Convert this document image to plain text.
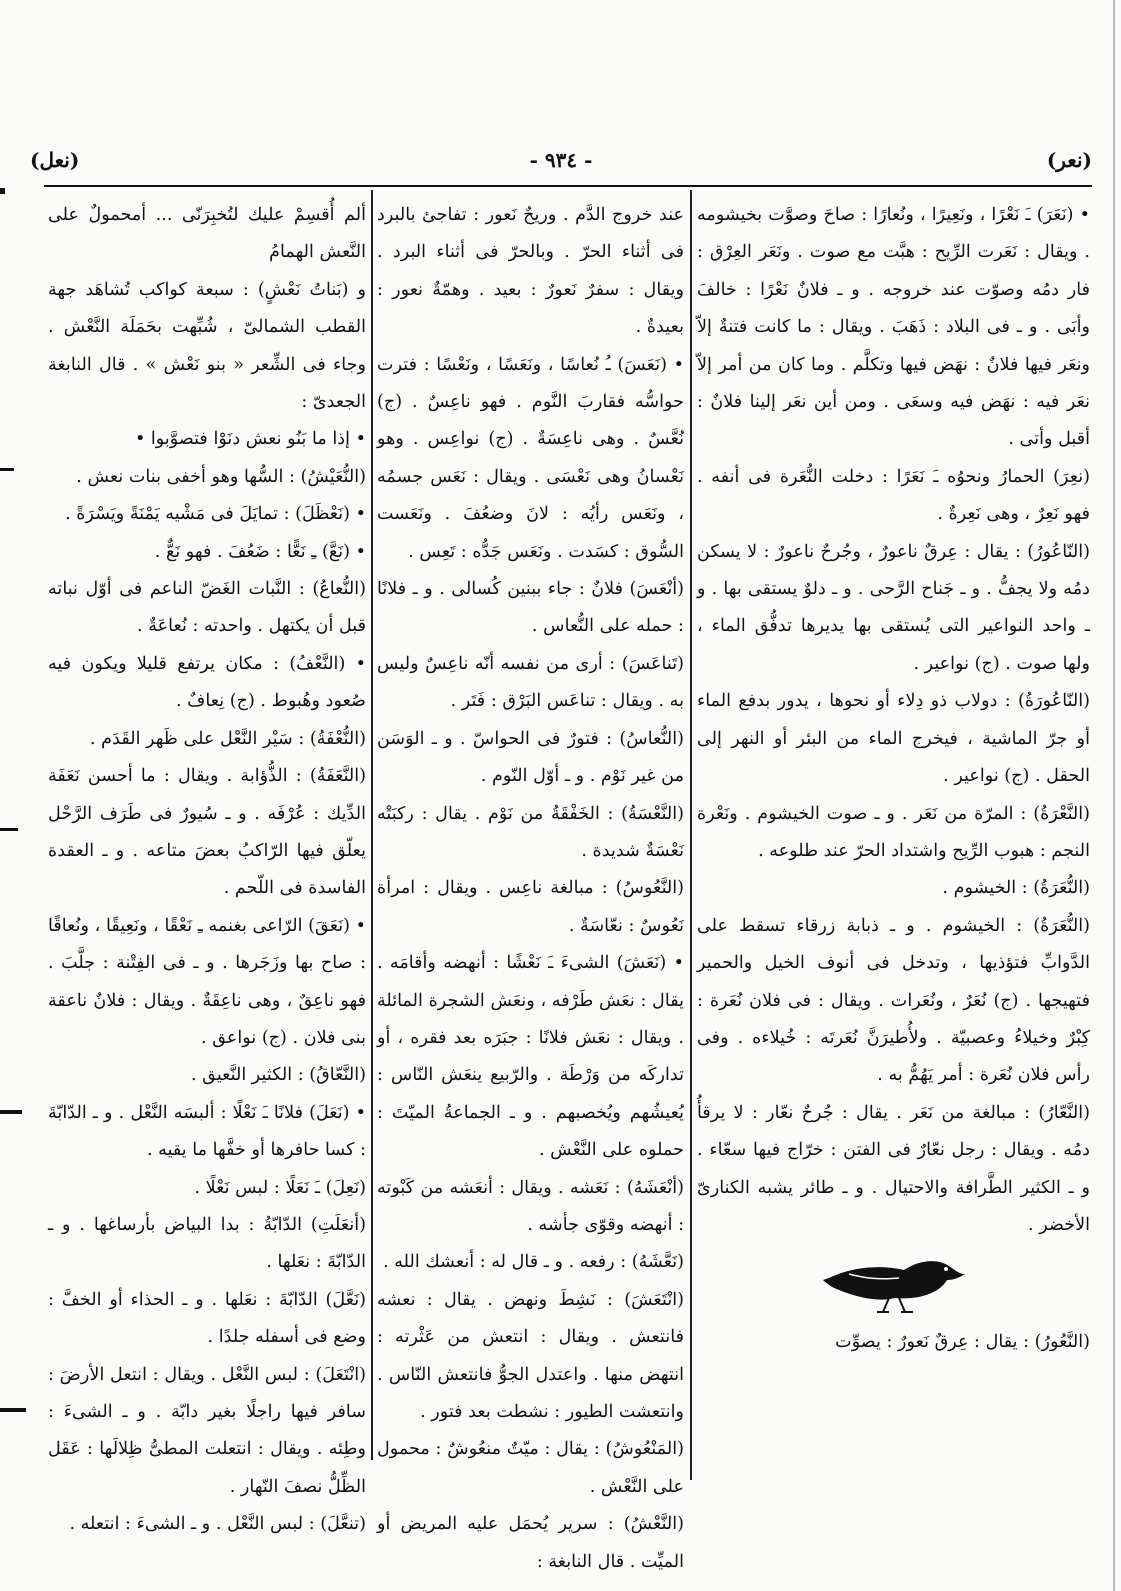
(نعر)
- ٩٣٤ -
(نعل)

• (نَعَرَ) ـَ نَعْرًا ، ونَعِيرًا ، ونُعارًا : صاحَ وصوَّت بخيشومه . ويقال : نَعَرت الرِّيح : هبَّت مع صوت . ونَعَر العِرْق : فار دمُه وصوّت عند خروجه . و ـ فلانٌ نَعْرًا : خالفَ وأبَى . و ـ فى البلاد : ذَهَبَ . ويقال : ما كانت فتنةٌ إلاّ ونعَر فيها فلانٌ : نهَض فيها وتكلَّم . وما كان من أمر إلاّ نعَر فيه : نهَض فيه وسعَى . ومن أين نعَر إلينا فلانٌ : أقبل وأتى .

(نعِرَ) الحمارُ ونحوُه ـَ نَعَرًا : دخلت النُّعَرة فى أنفه . فهو نَعِرٌ ، وهى نَعِرةٌ .

(النّاعُورُ) : يقال : عِرقٌ ناعورٌ ، وجُرحٌ ناعورٌ : لا يسكن دمُه ولا يجفُّ . و ـ جَناح الرَّحى . و ـ دلوٌ يستقى بها . و ـ واحد النواعير التى يُستقى بها يديرها تدفُّق الماء ، ولها صوت . (ج) نواعير .

(النّاعُورَةُ) : دولاب ذو دِلاء أو نحوها ، يدور بدفع الماء أو جرّ الماشية ، فيخرج الماء من البئر أو النهر إلى الحقل . (ج) نواعير .

(النَّعْرَةُ) : المرّة من نَعَر . و ـ صوت الخيشوم . ونَعْرة النجم : هبوب الرِّيح واشتداد الحرّ عند طلوعه .

(النُّعَرَةُ) : الخيشوم .

(النُّعَرَةُ) : الخيشوم . و ـ ذبابة زرقاء تسقط على الدَّوابِّ فتؤذيها ، وتدخل فى أنوف الخيل والحمير فتهيجها . (ج) نُعَرٌ ، ونُعَرات . ويقال : فى فلان نُعَرة : كِبْرٌ وخيلاءُ وعصبيّة . ولأُطيرَنَّ نُعَرتَه : خُيلاءه . وفى رأس فلان نُعَرة : أمر يَهُمُّ به .

(النَّعّارُ) : مبالغة من نَعَر . يقال : جُرحٌ نعّار : لا يرقأُ دمُه . ويقال : رجل نعّارٌ فى الفتن : خرّاج فيها سعّاء . و ـ الكثير الطَّرافة والاحتيال . و ـ طائر يشبه الكنارىّ الأخضر .

(النَّعُورُ) : يقال : عِرقٌ نَعورٌ : يصوِّت

عند خروج الدَّم . وريحٌ نَعور : تفاجئ بالبرد فى أثناء الحرّ . وبالحرّ فى أثناء البرد . ويقال : سفرٌ نَعورٌ : بعيد . وهمّةٌ نعور : بعيدةٌ .

• (نَعَسَ) ـُ نُعاسًا ، ونَعَسًا ، ونَعْسًا : فترت حواسُّه فقاربَ النَّوم . فهو ناعِسٌ . (ج) نُعَّسٌ . وهى ناعِسَةٌ . (ج) نواعِس . وهو نَعْسانُ وهى نَعْسَى . ويقال : نَعَس جسمُه ، ونَعَس رأيُه : لانَ وضعُفَ . ونَعَست السُّوق : كسَدت . ونَعَس جَدُّه : تَعِس .

(أنْعَسَ) فلانٌ : جاء ببنين كُسالى . و ـ فلانًا : حمله على النُّعاس .

(تَناعَسَ) : أرى من نفسه أنّه ناعِسٌ وليس به . ويقال : تناعَس البَرْق : فَتَر .

(النُّعاسُ) : فتورٌ فى الحواسّ . و ـ الوَسَن من غير نَوْم . و ـ أوّل النّوم .

(النَّعْسَةُ) : الخَفْقَةُ من نَوْم . يقال : ركبَتْه نَعْسَةٌ شديدة .

(النَّعُوسُ) : مبالغة ناعِس . ويقال : امرأة نَعُوسٌ : نعّاسَةٌ .

• (نَعَشَ) الشىءَ ـَ نَعْشًا : أنهضه وأقامَه . يقال : نعَش طَرْفه ، ونعَش الشجرة المائلة . ويقال : نعَش فلانًا : جبَرَه بعد فقره ، أو تداركَه من وَرْطَة . والرّبيع ينعَش النّاس : يُعيشُهم ويُخصبهم . و ـ الجماعةُ الميّتَ : حملوه على النَّعْش .

(أنْعَشَهُ) : نَعَشه . ويقال : أنعَشه من كَبْوته : أنهضه وقوّى جأشه .

(نَعَّشَهُ) : رفعه . و ـ قال له : أنعشك الله .

(انْتَعَشَ) : نَشِطَ ونهض . يقال : نعشه فانتعش . ويقال : انتعش من عَثْرته : انتهض منها . واعتدل الجوُّ فانتعش النّاس . وانتعشت الطيور : نشطت بعد فتور .

(المَنْعُوشُ) : يقال : ميّتٌ منعُوشٌ : محمول على النَّعْش .

(النَّعْشُ) : سرير يُحمَل عليه المريض أو الميِّت . قال النابغة :

ألم أُقسِمْ عليك لتُخبِرَنّى ... أمحمولٌ على النَّعش الهمامُ

و (بَناتُ نَعْشٍ) : سبعة كواكب تُشاهَد جهة القطب الشمالىّ ، شُبِّهت بحَمَلَة النَّعْش . وجاء فى الشِّعر « بنو نَعْش » . قال النابغة الجعدىّ :

• إذا ما بَنُو نعش دنَوْا فتصوَّبوا •

(النُّعَيْشُ) : السُّها وهو أخفى بنات نعش .

• (نَعْظَلَ) : تمايَلَ فى مَشْيه يَمْنَةً ويَسْرَةً .

• (نَعَّ) ـِ نَعًّا : ضَعُفَ . فهو نَعٌّ .

(النُّعاعُ) : النَّبات الغَضّ الناعم فى أوّل نباته قبل أن يكتهل . واحدته : نُعاعَةٌ .

• (النَّعْفُ) : مكان يرتفع قليلا ويكون فيه صُعود وهُبوط . (ج) نِعافٌ .

(النُّعْفَةُ) : سَيْر النَّعْل على ظَهر القَدَم .

(النَّعَفَةُ) : الذُّؤابة . ويقال : ما أحسن نَعَفَة الدِّيك : عُرْفَه . و ـ سُيورٌ فى طَرَف الرَّحْل يعلّق فيها الرّاكبُ بعضَ متاعه . و ـ العقدة الفاسدة فى اللّحم .

• (نَعَقَ) الرّاعى بغنمه ـِ نَعْقًا ، ونَعِيقًا ، ونُعاقًا : صاح بها وزَجَرها . و ـ فى الفِتْنة : جلَّبَ . فهو ناعِقٌ ، وهى ناعِقَةٌ . ويقال : فلانٌ ناعقة بنى فلان . (ج) نواعق .

(النَّعّاقُ) : الكثير النَّعيق .

• (نَعَلَ) فلانًا ـَ نَعْلًا : ألبسَه النَّعْل . و ـ الدّابّةَ : كسا حافرها أو خفَّها ما يقيه .

(نَعِلَ) ـَ نَعَلًا : لبس نَعْلًا .

(أنعَلَتِ) الدّابّةُ : بدا البياض بأرساغها . و ـ الدّابّةَ : نعَلها .

(نَعَّلَ) الدّابّةَ : نعَلها . و ـ الحذاء أو الخفَّ : وضع فى أسفله جلدًا .

(انْتَعَلَ) : لبس النَّعْل . ويقال : انتعل الأرضَ : سافر فيها راجلًا بغير دابّة . و ـ الشىءَ : وطِئه . ويقال : انتعلت المطىُّ ظِلالَها : عَقَل الظِّلُّ نصفَ النّهار .

(تنعَّلَ) : لبس النَّعْل . و ـ الشىءَ : انتعله .
